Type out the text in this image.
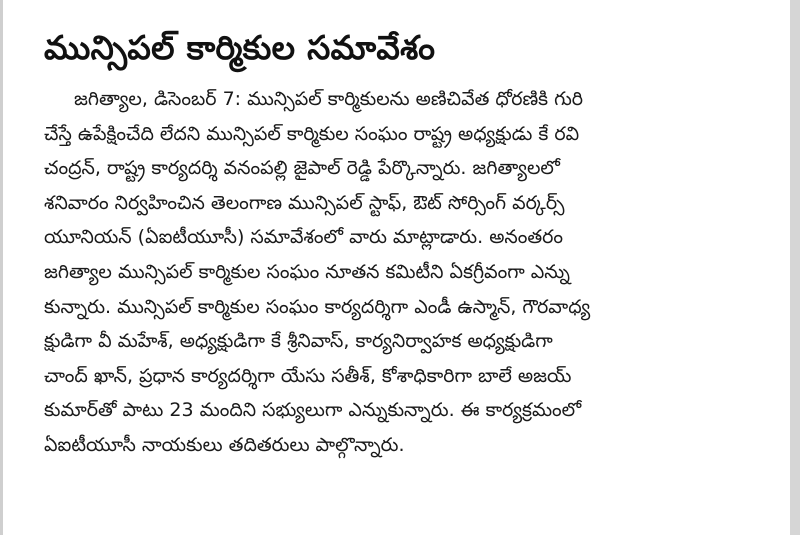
మున్సిపల్ కార్మికుల సమావేశం
జగిత్యాల, డిసెంబర్ 7: మున్సిపల్ కార్మికులను అణిచివేత ధోరణికి గురి
చేస్తే ఉపేక్షించేది లేదని మున్సిపల్ కార్మికుల సంఘం రాష్ట్ర అధ్యక్షుడు కే రవి
చంద్రన్, రాష్ట్ర కార్యదర్శి వనంపల్లి జైపాల్ రెడ్డి పేర్కొన్నారు. జగిత్యాలలో
శనివారం నిర్వహించిన తెలంగాణ మున్సిపల్ స్టాఫ్, ఔట్ సోర్సింగ్ వర్కర్స్
యూనియన్ (ఏఐటీయూసీ) సమావేశంలో వారు మాట్లాడారు. అనంతరం
జగిత్యాల మున్సిపల్ కార్మికుల సంఘం నూతన కమిటీని ఏకగ్రీవంగా ఎన్ను
కున్నారు. మున్సిపల్ కార్మికుల సంఘం కార్యదర్శిగా ఎండీ ఉస్మాన్, గౌరవాధ్య
క్షుడిగా వీ మహేశ్, అధ్యక్షుడిగా కే శ్రీనివాస్, కార్యనిర్వాహక అధ్యక్షుడిగా
చాంద్ ఖాన్, ప్రధాన కార్యదర్శిగా యేసు సతీశ్, కోశాధికారిగా బాలే అజయ్
కుమార్‌తో పాటు 23 మందిని సభ్యులుగా ఎన్నుకున్నారు. ఈ కార్యక్రమంలో
ఏఐటీయూసీ నాయకులు తదితరులు పాల్గొన్నారు.
